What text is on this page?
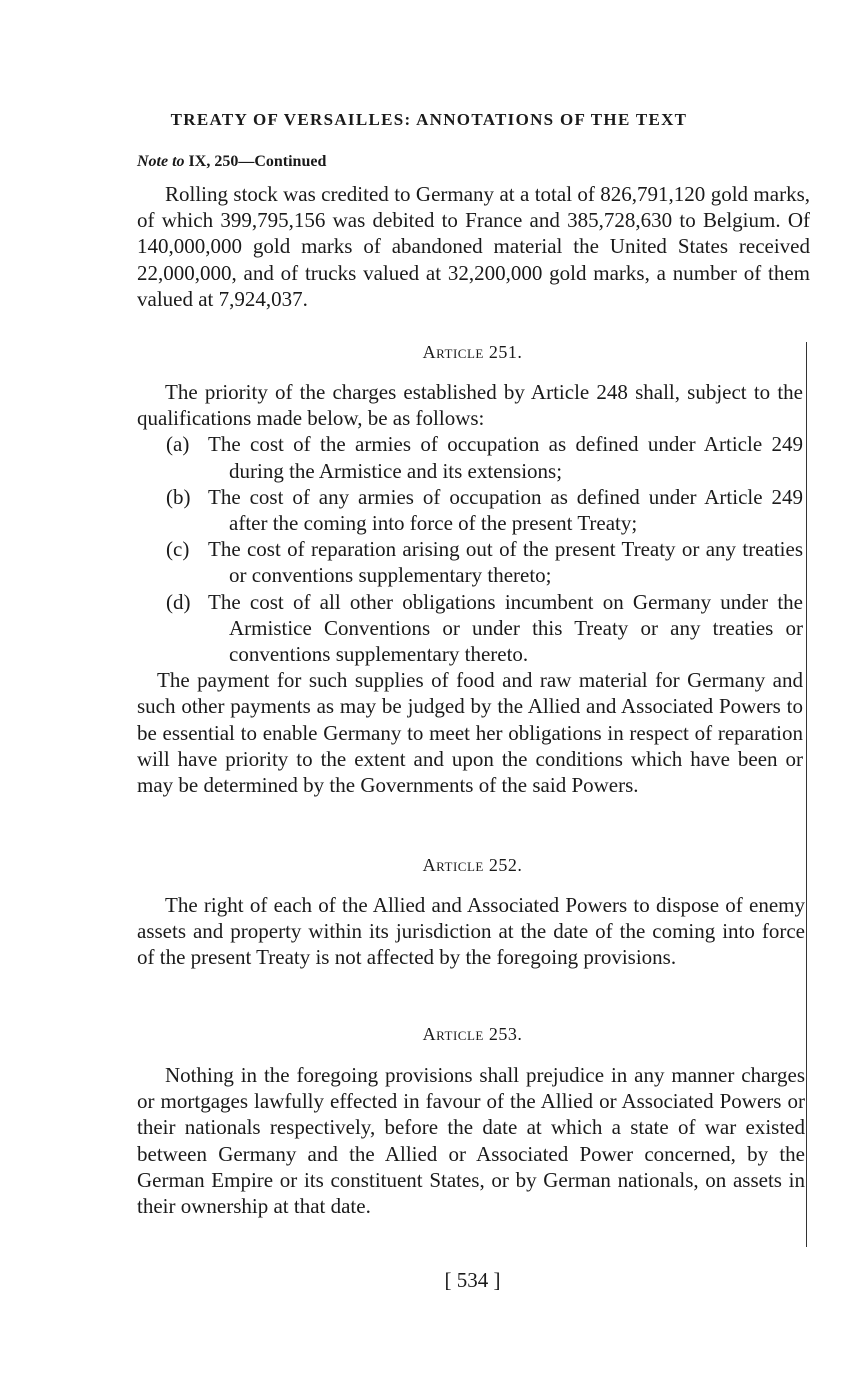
TREATY OF VERSAILLES: ANNOTATIONS OF THE TEXT
Note to IX, 250—Continued

Rolling stock was credited to Germany at a total of 826,791,120 gold marks, of which 399,795,156 was debited to France and 385,728,630 to Belgium. Of 140,000,000 gold marks of abandoned material the United States received 22,000,000, and of trucks valued at 32,200,000 gold marks, a number of them valued at 7,924,037.

Article 251.

The priority of the charges established by Article 248 shall, subject to the qualifications made below, be as follows:

(a) The cost of the armies of occupation as defined under Article 249 during the Armistice and its extensions;
(b) The cost of any armies of occupation as defined under Article 249 after the coming into force of the present Treaty;
(c) The cost of reparation arising out of the present Treaty or any treaties or conventions supplementary thereto;
(d) The cost of all other obligations incumbent on Germany under the Armistice Conventions or under this Treaty or any treaties or conventions supplementary thereto.

The payment for such supplies of food and raw material for Germany and such other payments as may be judged by the Allied and Associated Powers to be essential to enable Germany to meet her obligations in respect of reparation will have priority to the extent and upon the conditions which have been or may be determined by the Governments of the said Powers.

Article 252.

The right of each of the Allied and Associated Powers to dispose of enemy assets and property within its jurisdiction at the date of the coming into force of the present Treaty is not affected by the foregoing provisions.

Article 253.

Nothing in the foregoing provisions shall prejudice in any manner charges or mortgages lawfully effected in favour of the Allied or Associated Powers or their nationals respectively, before the date at which a state of war existed between Germany and the Allied or Associated Power concerned, by the German Empire or its constituent States, or by German nationals, on assets in their ownership at that date.

[ 534 ]
